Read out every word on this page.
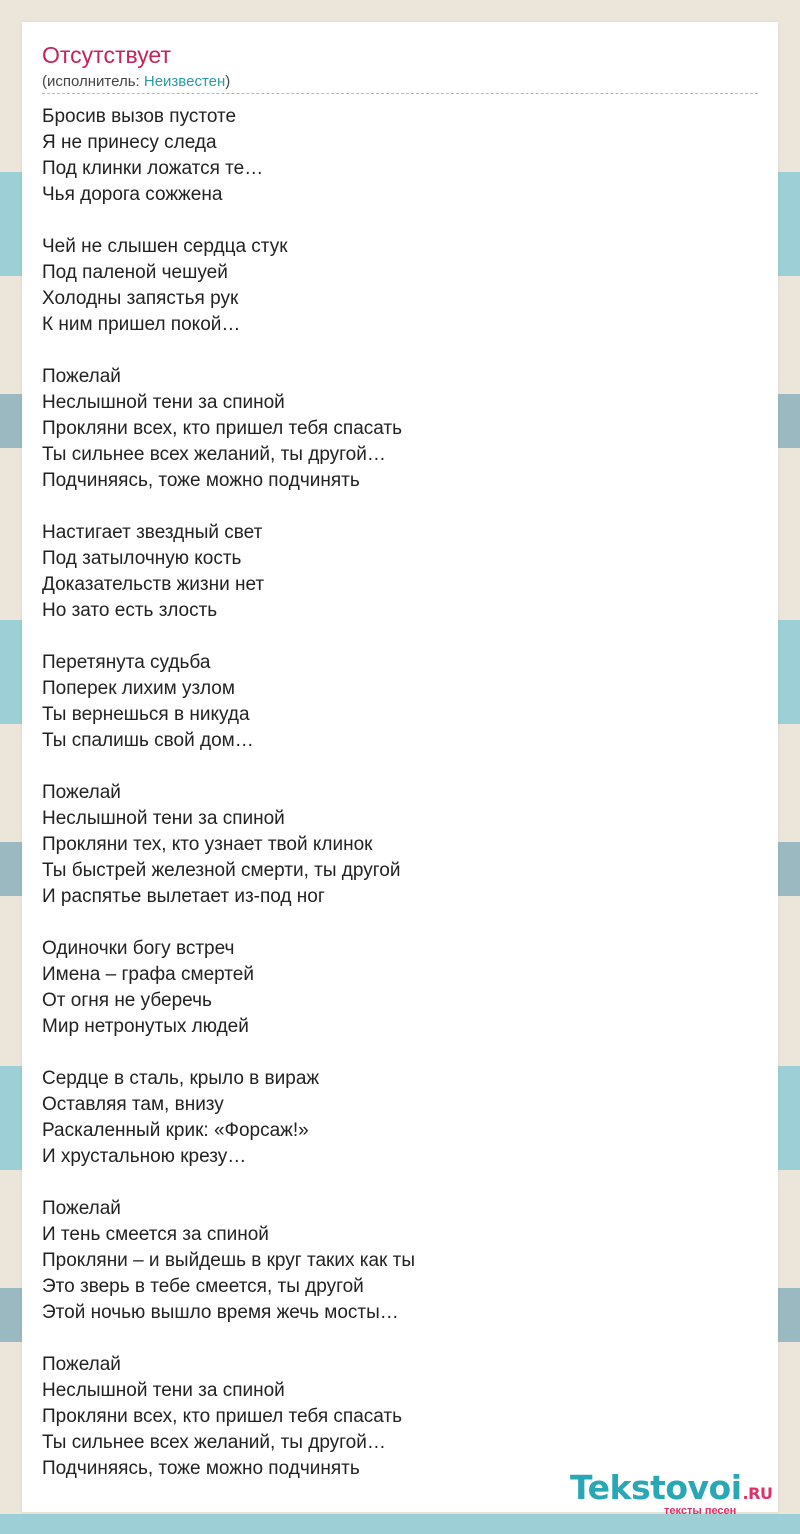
Отсутствует
(исполнитель: Неизвестен)
Бросив вызов пустоте
Я не принесу следа
Под клинки ложатся те…
Чья дорога сожжена
Чей не слышен сердца стук
Под паленой чешуей
Холодны запястья рук
К ним пришел покой…
Пожелай
Неслышной тени за спиной
Прокляни всех, кто пришел тебя спасать
Ты сильнее всех желаний, ты другой…
Подчиняясь, тоже можно подчинять
Настигает звездный свет
Под затылочную кость
Доказательств жизни нет
Но зато есть злость
Перетянута судьба
Поперек лихим узлом
Ты вернешься в никуда
Ты спалишь свой дом…
Пожелай
Неслышной тени за спиной
Прокляни тех, кто узнает твой клинок
Ты быстрей железной смерти, ты другой
И распятье вылетает из-под ног
Одиночки богу встреч
Имена – графа смертей
От огня не уберечь
Мир нетронутых людей
Сердце в сталь, крыло в вираж
Оставляя там, внизу
Раскаленный крик: «Форсаж!»
И хрустальною крезу…
Пожелай
И тень смеется за спиной
Прокляни – и выйдешь в круг таких как ты
Это зверь в тебе смеется, ты другой
Этой ночью вышло время жечь мосты…
Пожелай
Неслышной тени за спиной
Прокляни всех, кто пришел тебя спасать
Ты сильнее всех желаний, ты другой…
Подчиняясь, тоже можно подчинять	Tekstovoi.RU
тексты песен
